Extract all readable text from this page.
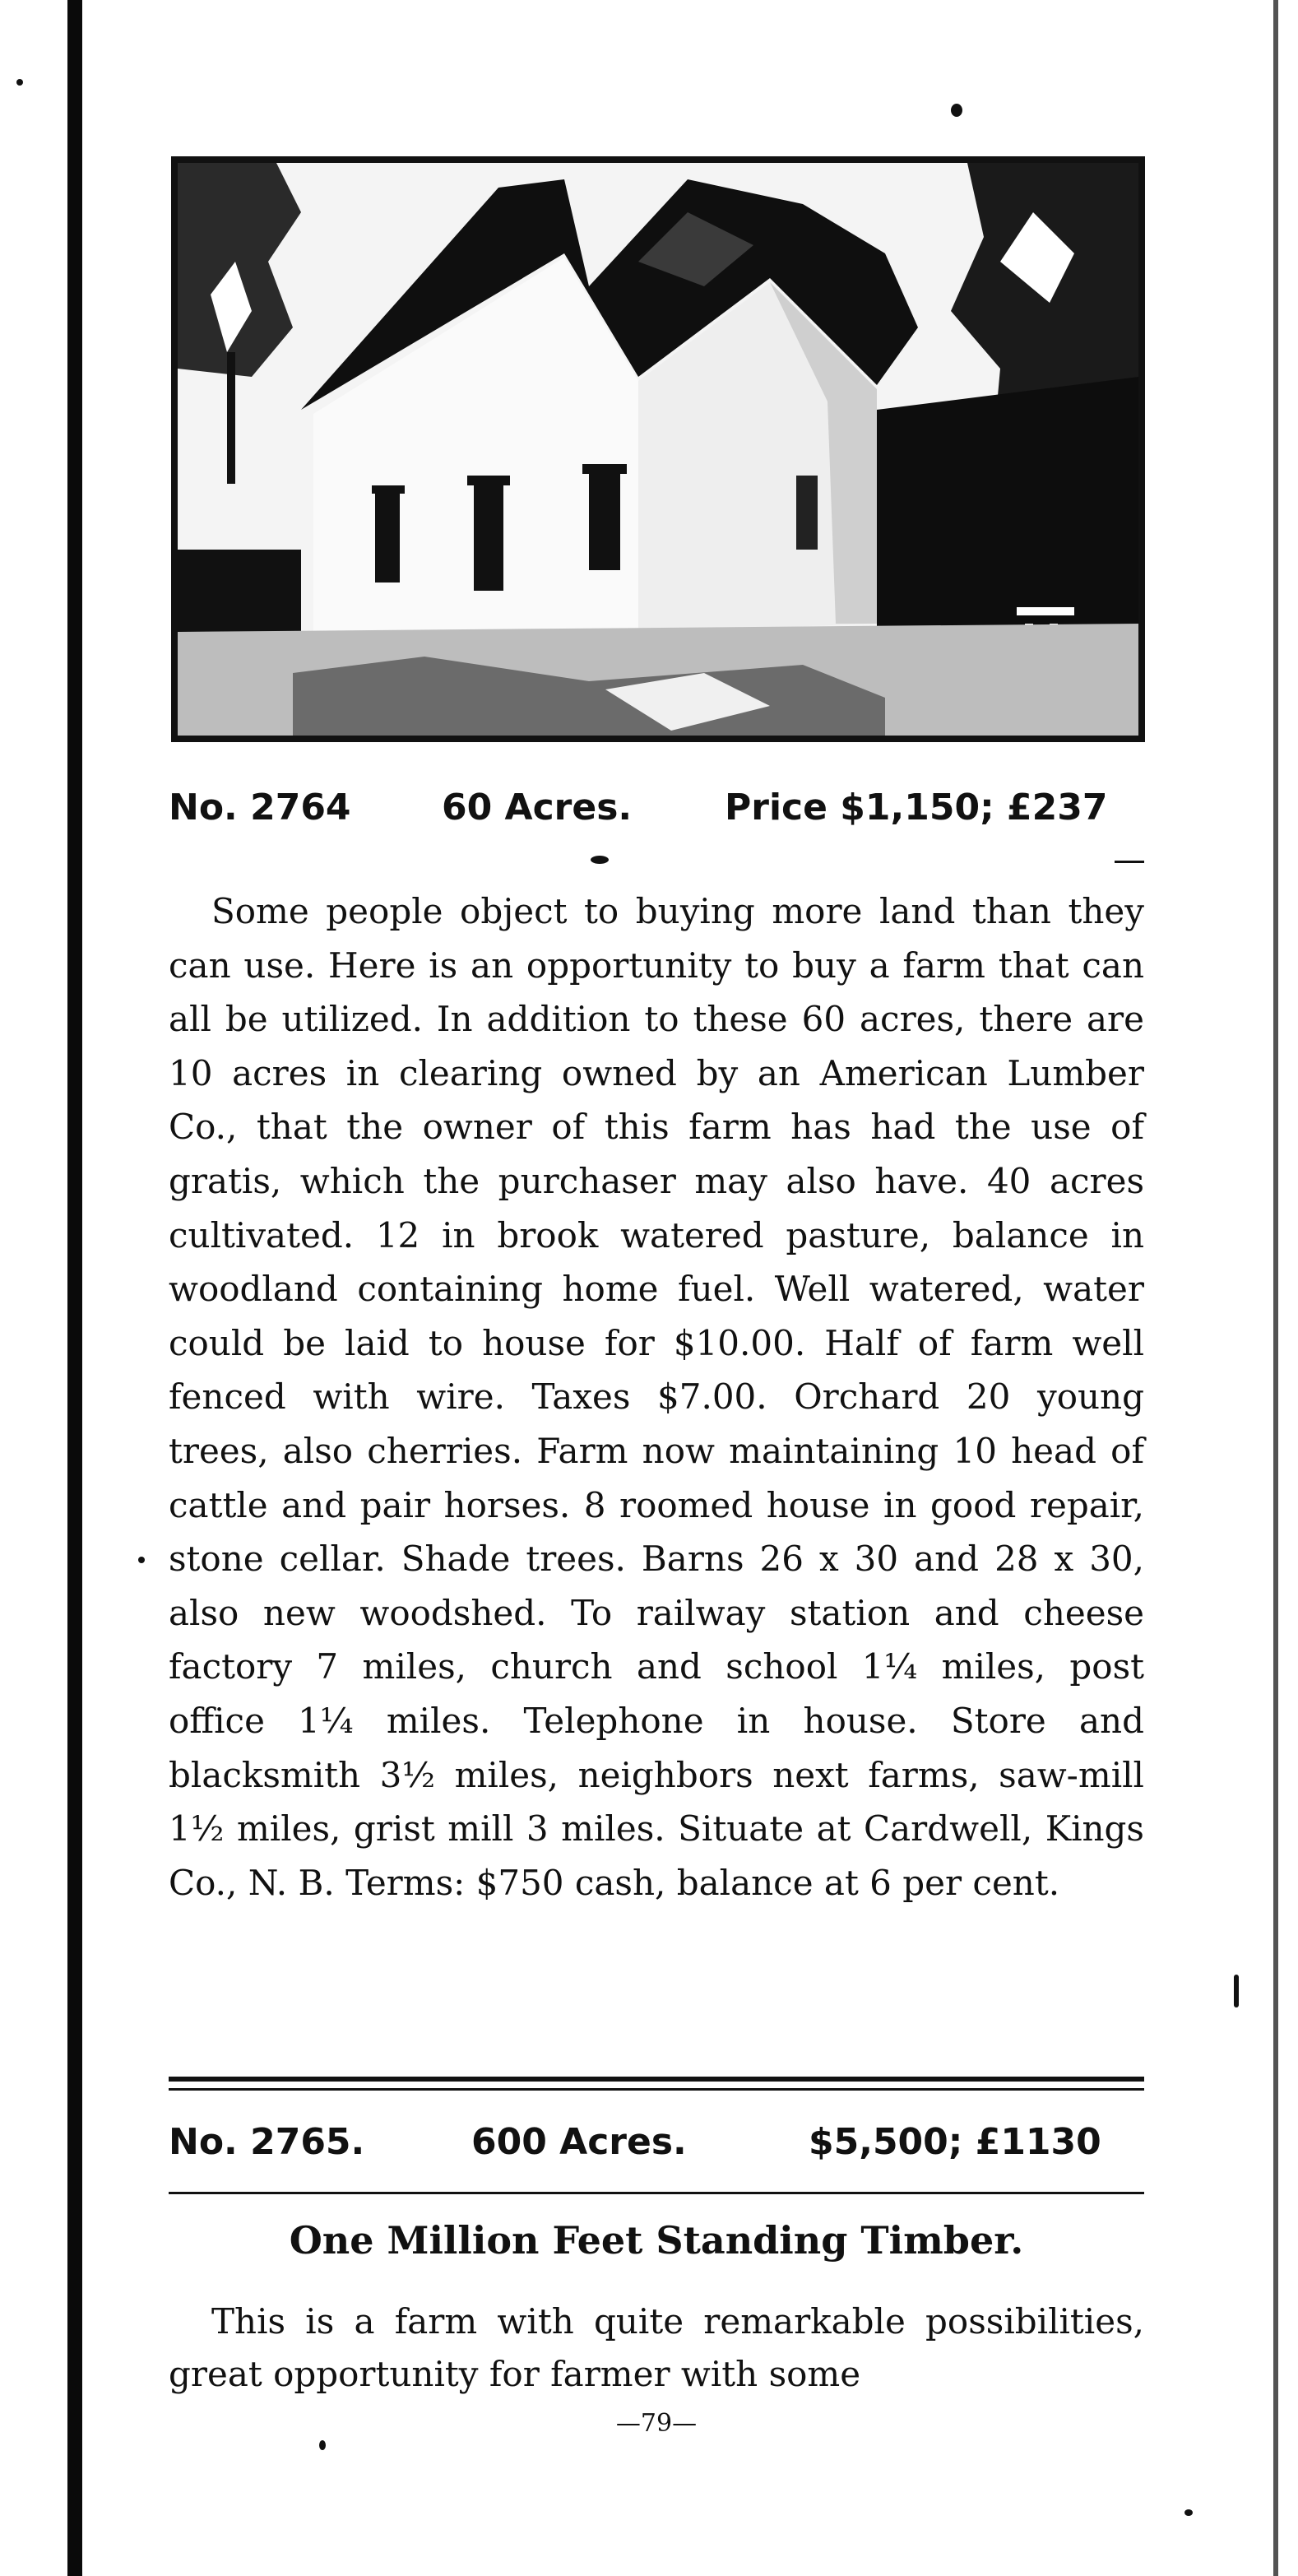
No. 2764	60 Acres.	Price $1,150; £237
Some people object to buying more land than they can use. Here is an opportunity to buy a farm that can all be utilized. In addition to these 60 acres, there are 10 acres in clearing owned by an American Lumber Co., that the owner of this farm has had the use of gratis, which the purchaser may also have. 40 acres cultivated. 12 in brook watered pasture, balance in woodland containing home fuel. Well watered, water could be laid to house for $10.00. Half of farm well fenced with wire. Taxes $7.00. Orchard 20 young trees, also cherries. Farm now maintaining 10 head of cattle and pair horses. 8 roomed house in good repair, stone cellar. Shade trees. Barns 26 x 30 and 28 x 30, also new woodshed. To railway station and cheese factory 7 miles, church and school 1¼ miles, post office 1¼ miles. Telephone in house. Store and blacksmith 3½ miles, neighbors next farms, saw-mill 1½ miles, grist mill 3 miles. Situate at Cardwell, Kings Co., N. B. Terms: $750 cash, balance at 6 per cent.
No. 2765.	600 Acres.	$5,500; £1130
One Million Feet Standing Timber.
This is a farm with quite remarkable possibilities, great opportunity for farmer with some
—79—
